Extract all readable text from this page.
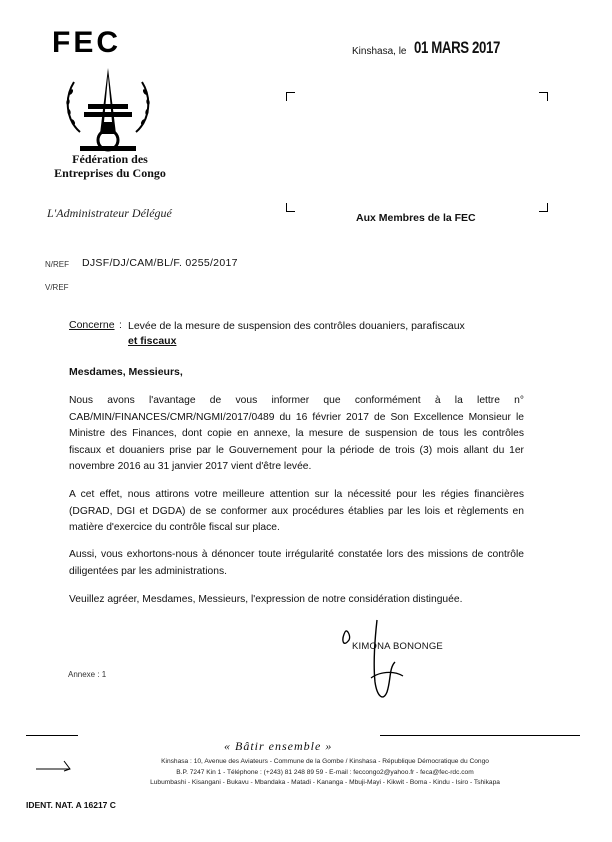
FEC
Fédération des
Entreprises du Congo
Kinshasa, le 01 MARS 2017
L'Administrateur Délégué	Aux Membres de la FEC
N/REF DJSF/DJ/CAM/BL/F. 0255/2017
V/REF
Concerne : Levée de la mesure de suspension des contrôles douaniers, parafiscaux
et fiscaux
Mesdames, Messieurs,
Nous avons l'avantage de vous informer que conformément à la lettre n° CAB/MIN/FINANCES/CMR/NGMI/2017/0489 du 16 février 2017 de Son Excellence Monsieur le Ministre des Finances, dont copie en annexe, la mesure de suspension de tous les contrôles fiscaux et douaniers prise par le Gouvernement pour la période de trois (3) mois allant du 1er novembre 2016 au 31 janvier 2017 vient d'être levée.
A cet effet, nous attirons votre meilleure attention sur la nécessité pour les régies financières (DGRAD, DGI et DGDA) de se conformer aux procédures établies par les lois et règlements en matière d'exercice du contrôle fiscal sur place.
Aussi, vous exhortons-nous à dénoncer toute irrégularité constatée lors des missions de contrôle diligentées par les administrations.
Veuillez agréer, Mesdames, Messieurs, l'expression de notre considération distinguée.
KIMONA BONONGE
Annexe : 1
« Bâtir ensemble »
Kinshasa : 10, Avenue des Aviateurs - Commune de la Gombe / Kinshasa - République Démocratique du Congo
B.P. 7247 Kin 1 - Téléphone : (+243) 81 248 89 59 - E-mail : feccongo2@yahoo.fr - feca@fec-rdc.com
Lubumbashi - Kisangani - Bukavu - Mbandaka - Matadi - Kananga - Mbuji-Mayi - Kikwit - Boma - Kindu - Isiro - Tshikapa
IDENT. NAT. A 16217 C
